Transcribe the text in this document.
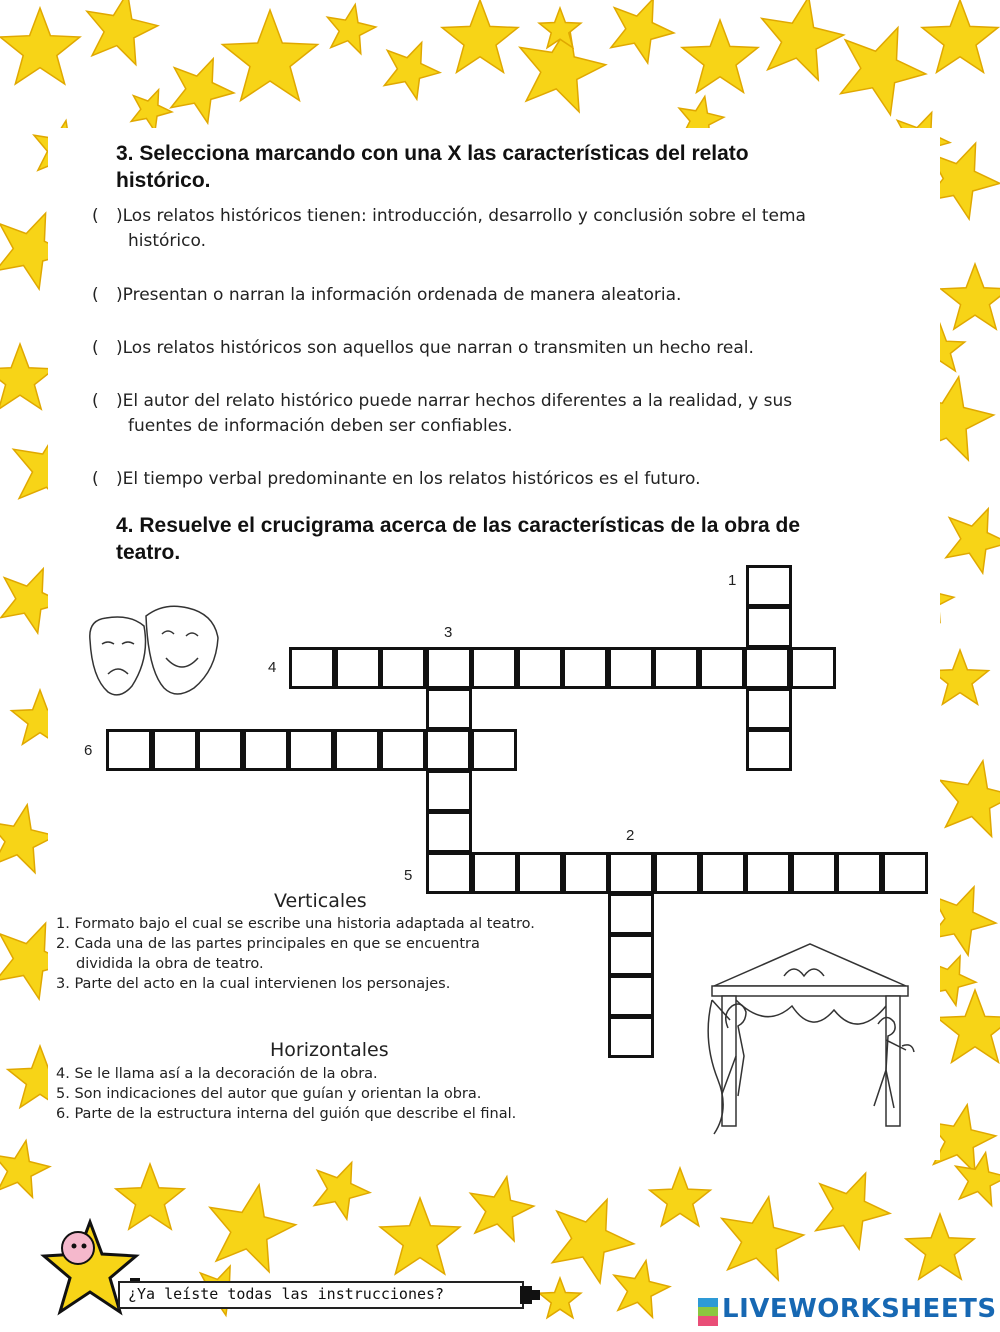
3. Selecciona marcando con una X las características del relato
histórico.
( )Los relatos históricos tienen: introducción, desarrollo y conclusión sobre el tema
histórico.
( )Presentan o narran la información ordenada de manera aleatoria.
( )Los relatos históricos son aquellos que narran o transmiten un hecho real.
( )El autor del relato histórico puede narrar hechos diferentes a la realidad, y sus
fuentes de información deben ser confiables.
( )El tiempo verbal predominante en los relatos históricos es el futuro.
4. Resuelve el crucigrama acerca de las características de la obra de
teatro.
1
2
3
4
5
6
Verticales
1. Formato bajo el cual se escribe una historia adaptada al teatro.
2. Cada una de las partes principales en que se encuentra
dividida la obra de teatro.
3. Parte del acto en la cual intervienen los personajes.
Horizontales
4. Se le llama así a la decoración de la obra.
5. Son indicaciones del autor que guían y orientan la obra.
6. Parte de la estructura interna del guión que describe el final.
¿Ya leíste todas las instrucciones?	LIVEWORKSHEETS
